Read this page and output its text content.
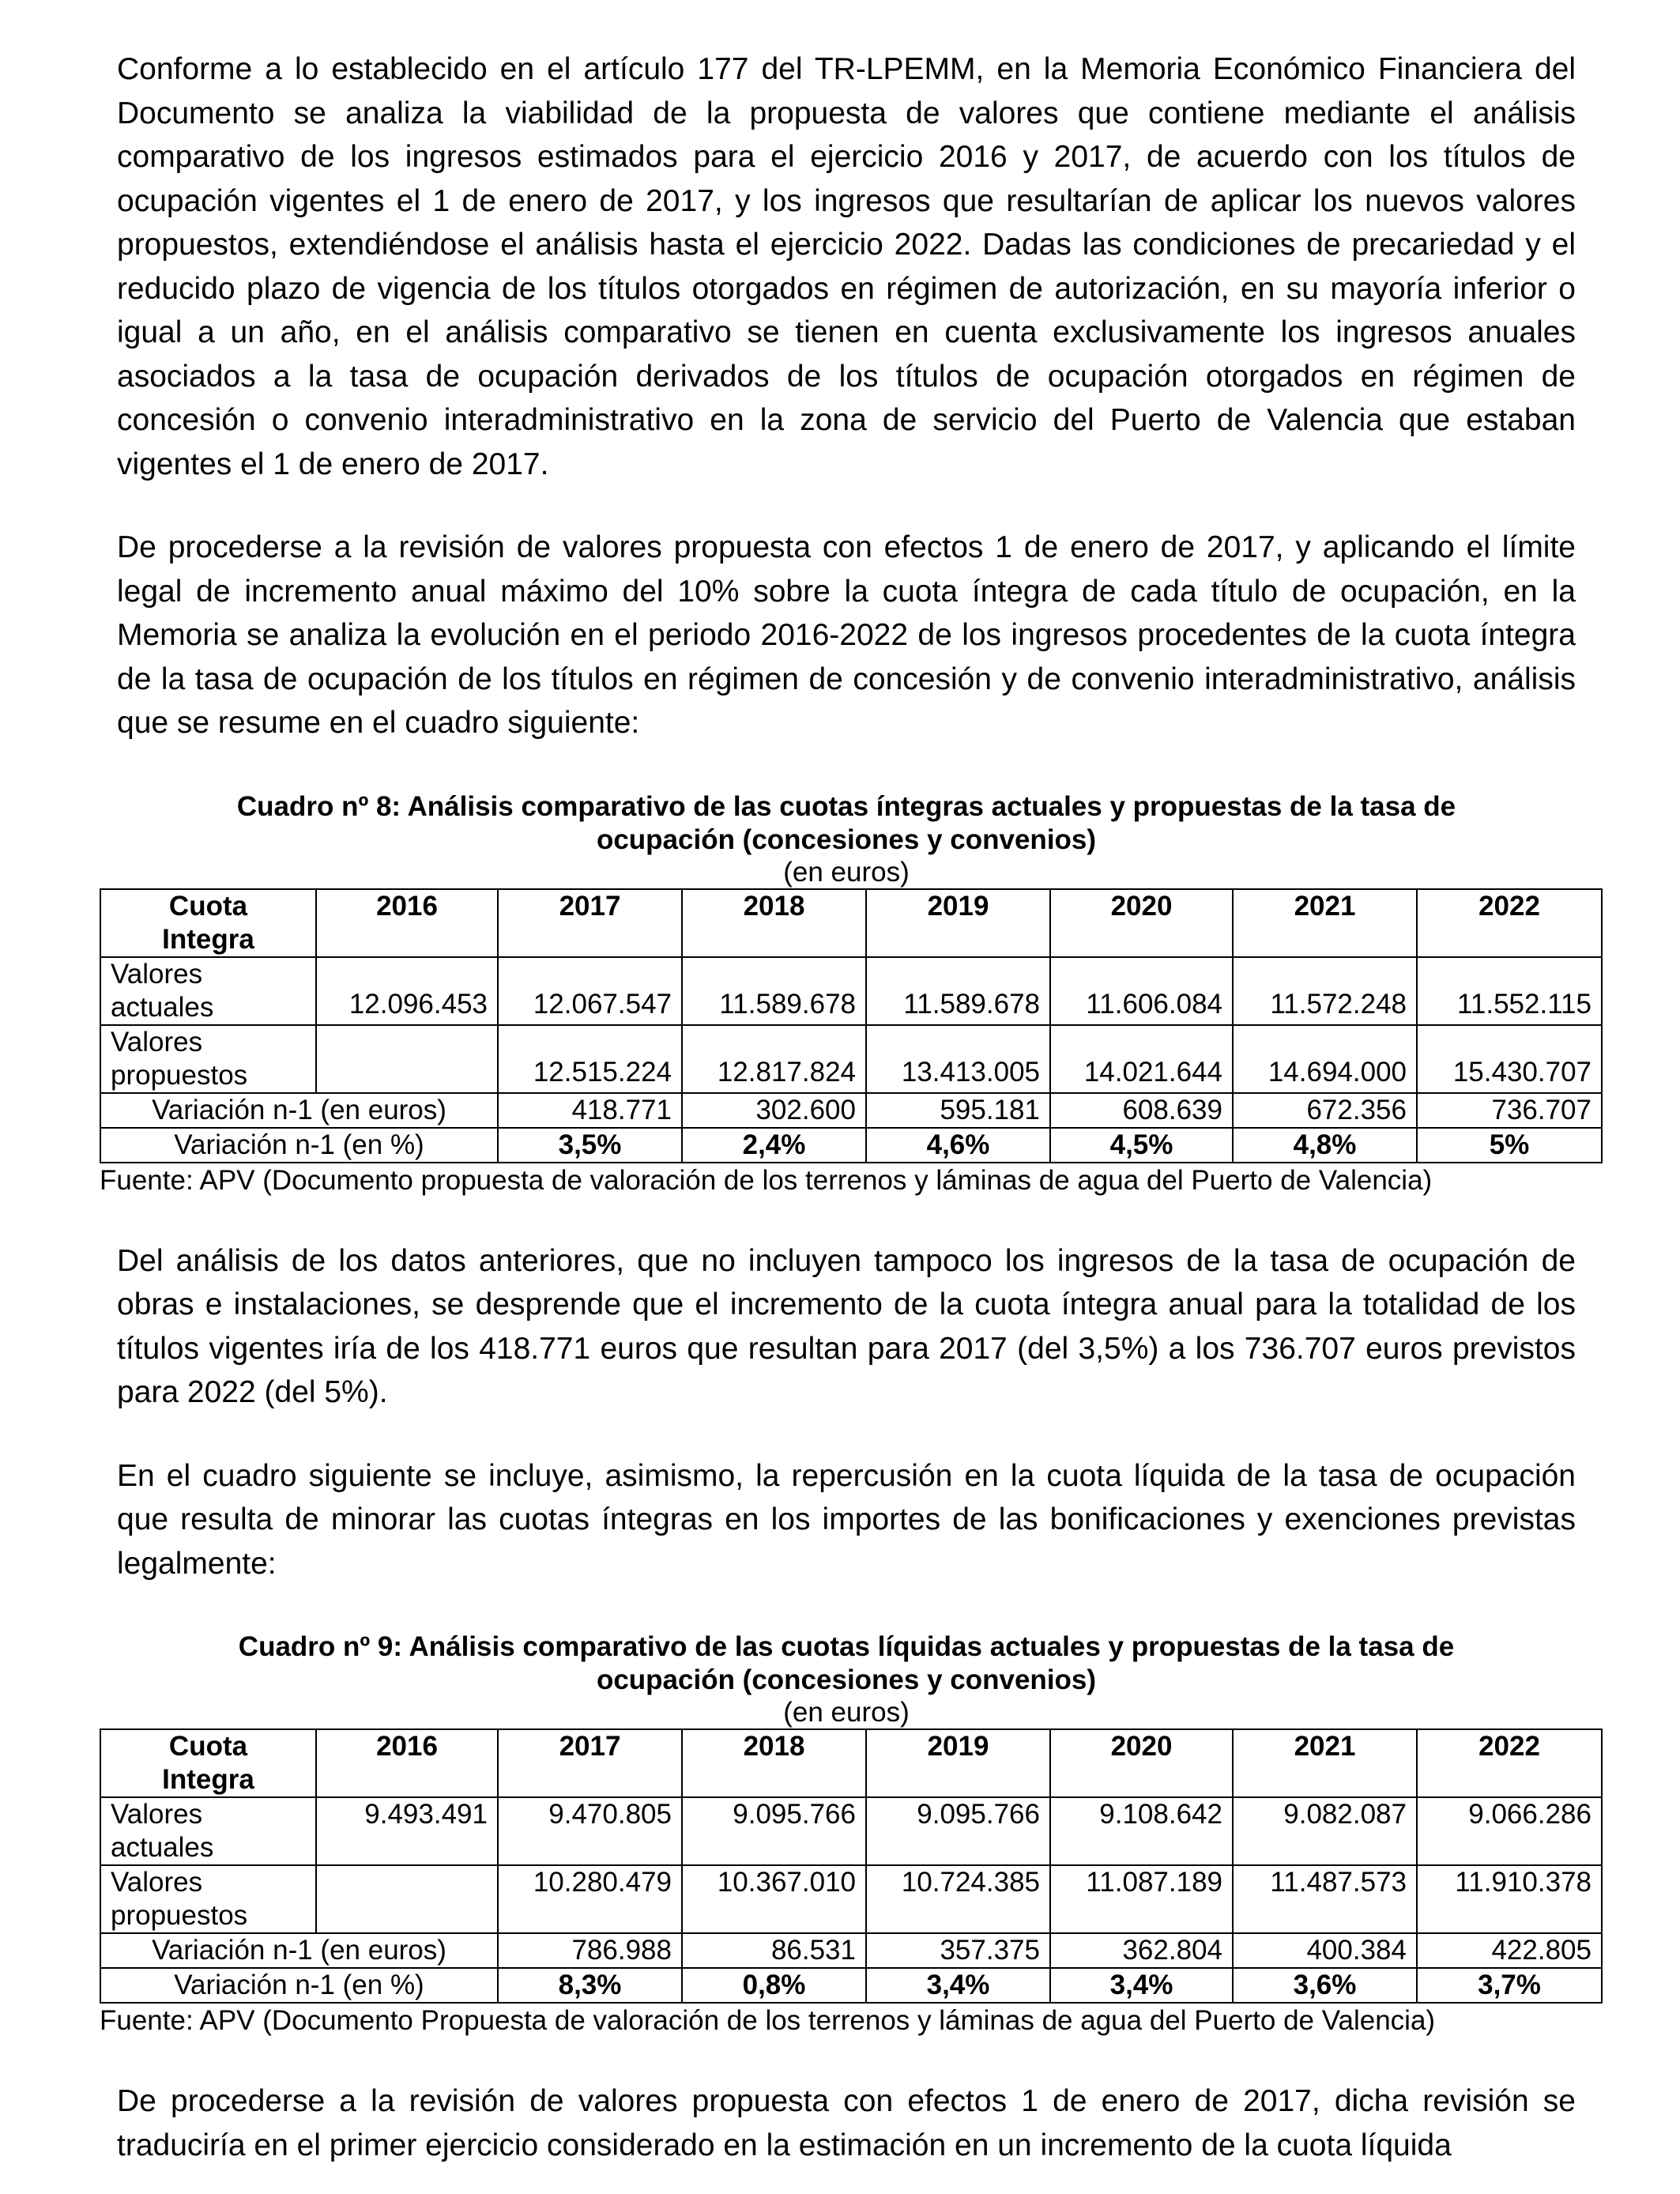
Conforme a lo establecido en el artículo 177 del TR-LPEMM, en la Memoria Económico Financiera del Documento se analiza la viabilidad de la propuesta de valores que contiene mediante el análisis comparativo de los ingresos estimados para el ejercicio 2016 y 2017, de acuerdo con los títulos de ocupación vigentes el 1 de enero de 2017, y los ingresos que resultarían de aplicar los nuevos valores propuestos, extendiéndose el análisis hasta el ejercicio 2022. Dadas las condiciones de precariedad y el reducido plazo de vigencia de los títulos otorgados en régimen de autorización, en su mayoría inferior o igual a un año, en el análisis comparativo se tienen en cuenta exclusivamente los ingresos anuales asociados a la tasa de ocupación derivados de los títulos de ocupación otorgados en régimen de concesión o convenio interadministrativo en la zona de servicio del Puerto de Valencia que estaban vigentes el 1 de enero de 2017.

De procederse a la revisión de valores propuesta con efectos 1 de enero de 2017, y aplicando el límite legal de incremento anual máximo del 10% sobre la cuota íntegra de cada título de ocupación, en la Memoria se analiza la evolución en el periodo 2016-2022 de los ingresos procedentes de la cuota íntegra de la tasa de ocupación de los títulos en régimen de concesión y de convenio interadministrativo, análisis que se resume en el cuadro siguiente:

Cuadro nº 8: Análisis comparativo de las cuotas íntegras actuales y propuestas de la tasa de
ocupación (concesiones y convenios)
(en euros)
Cuota
Integra	2016	2017	2018	2019	2020	2021	2022

Valores
actuales	12.096.453	12.067.547	11.589.678	11.589.678	11.606.084	11.572.248	11.552.115

Valores
propuestos		12.515.224	12.817.824	13.413.005	14.021.644	14.694.000	15.430.707
Variación n-1 (en euros)		418.771	302.600	595.181	608.639	672.356	736.707
Variación n-1 (en %)		3,5%	2,4%	4,6%	4,5%	4,8%	5%
Fuente: APV (Documento propuesta de valoración de los terrenos y láminas de agua del Puerto de Valencia)

Del análisis de los datos anteriores, que no incluyen tampoco los ingresos de la tasa de ocupación de obras e instalaciones, se desprende que el incremento de la cuota íntegra anual para la totalidad de los títulos vigentes iría de los 418.771 euros que resultan para 2017 (del 3,5%) a los 736.707 euros previstos para 2022 (del 5%).

En el cuadro siguiente se incluye, asimismo, la repercusión en la cuota líquida de la tasa de ocupación que resulta de minorar las cuotas íntegras en los importes de las bonificaciones y exenciones previstas legalmente:

Cuadro nº 9: Análisis comparativo de las cuotas líquidas actuales y propuestas de la tasa de
ocupación (concesiones y convenios)
(en euros)
Cuota
Integra	2016	2017	2018	2019	2020	2021	2022

Valores
actuales	9.493.491	9.470.805	9.095.766	9.095.766	9.108.642	9.082.087	9.066.286

Valores
propuestos		10.280.479	10.367.010	10.724.385	11.087.189	11.487.573	11.910.378
Variación n-1 (en euros)		786.988	86.531	357.375	362.804	400.384	422.805
Variación n-1 (en %)		8,3%	0,8%	3,4%	3,4%	3,6%	3,7%
Fuente: APV (Documento Propuesta de valoración de los terrenos y láminas de agua del Puerto de Valencia)

De procederse a la revisión de valores propuesta con efectos 1 de enero de 2017, dicha revisión se traduciría en el primer ejercicio considerado en la estimación en un incremento de la cuota líquida
